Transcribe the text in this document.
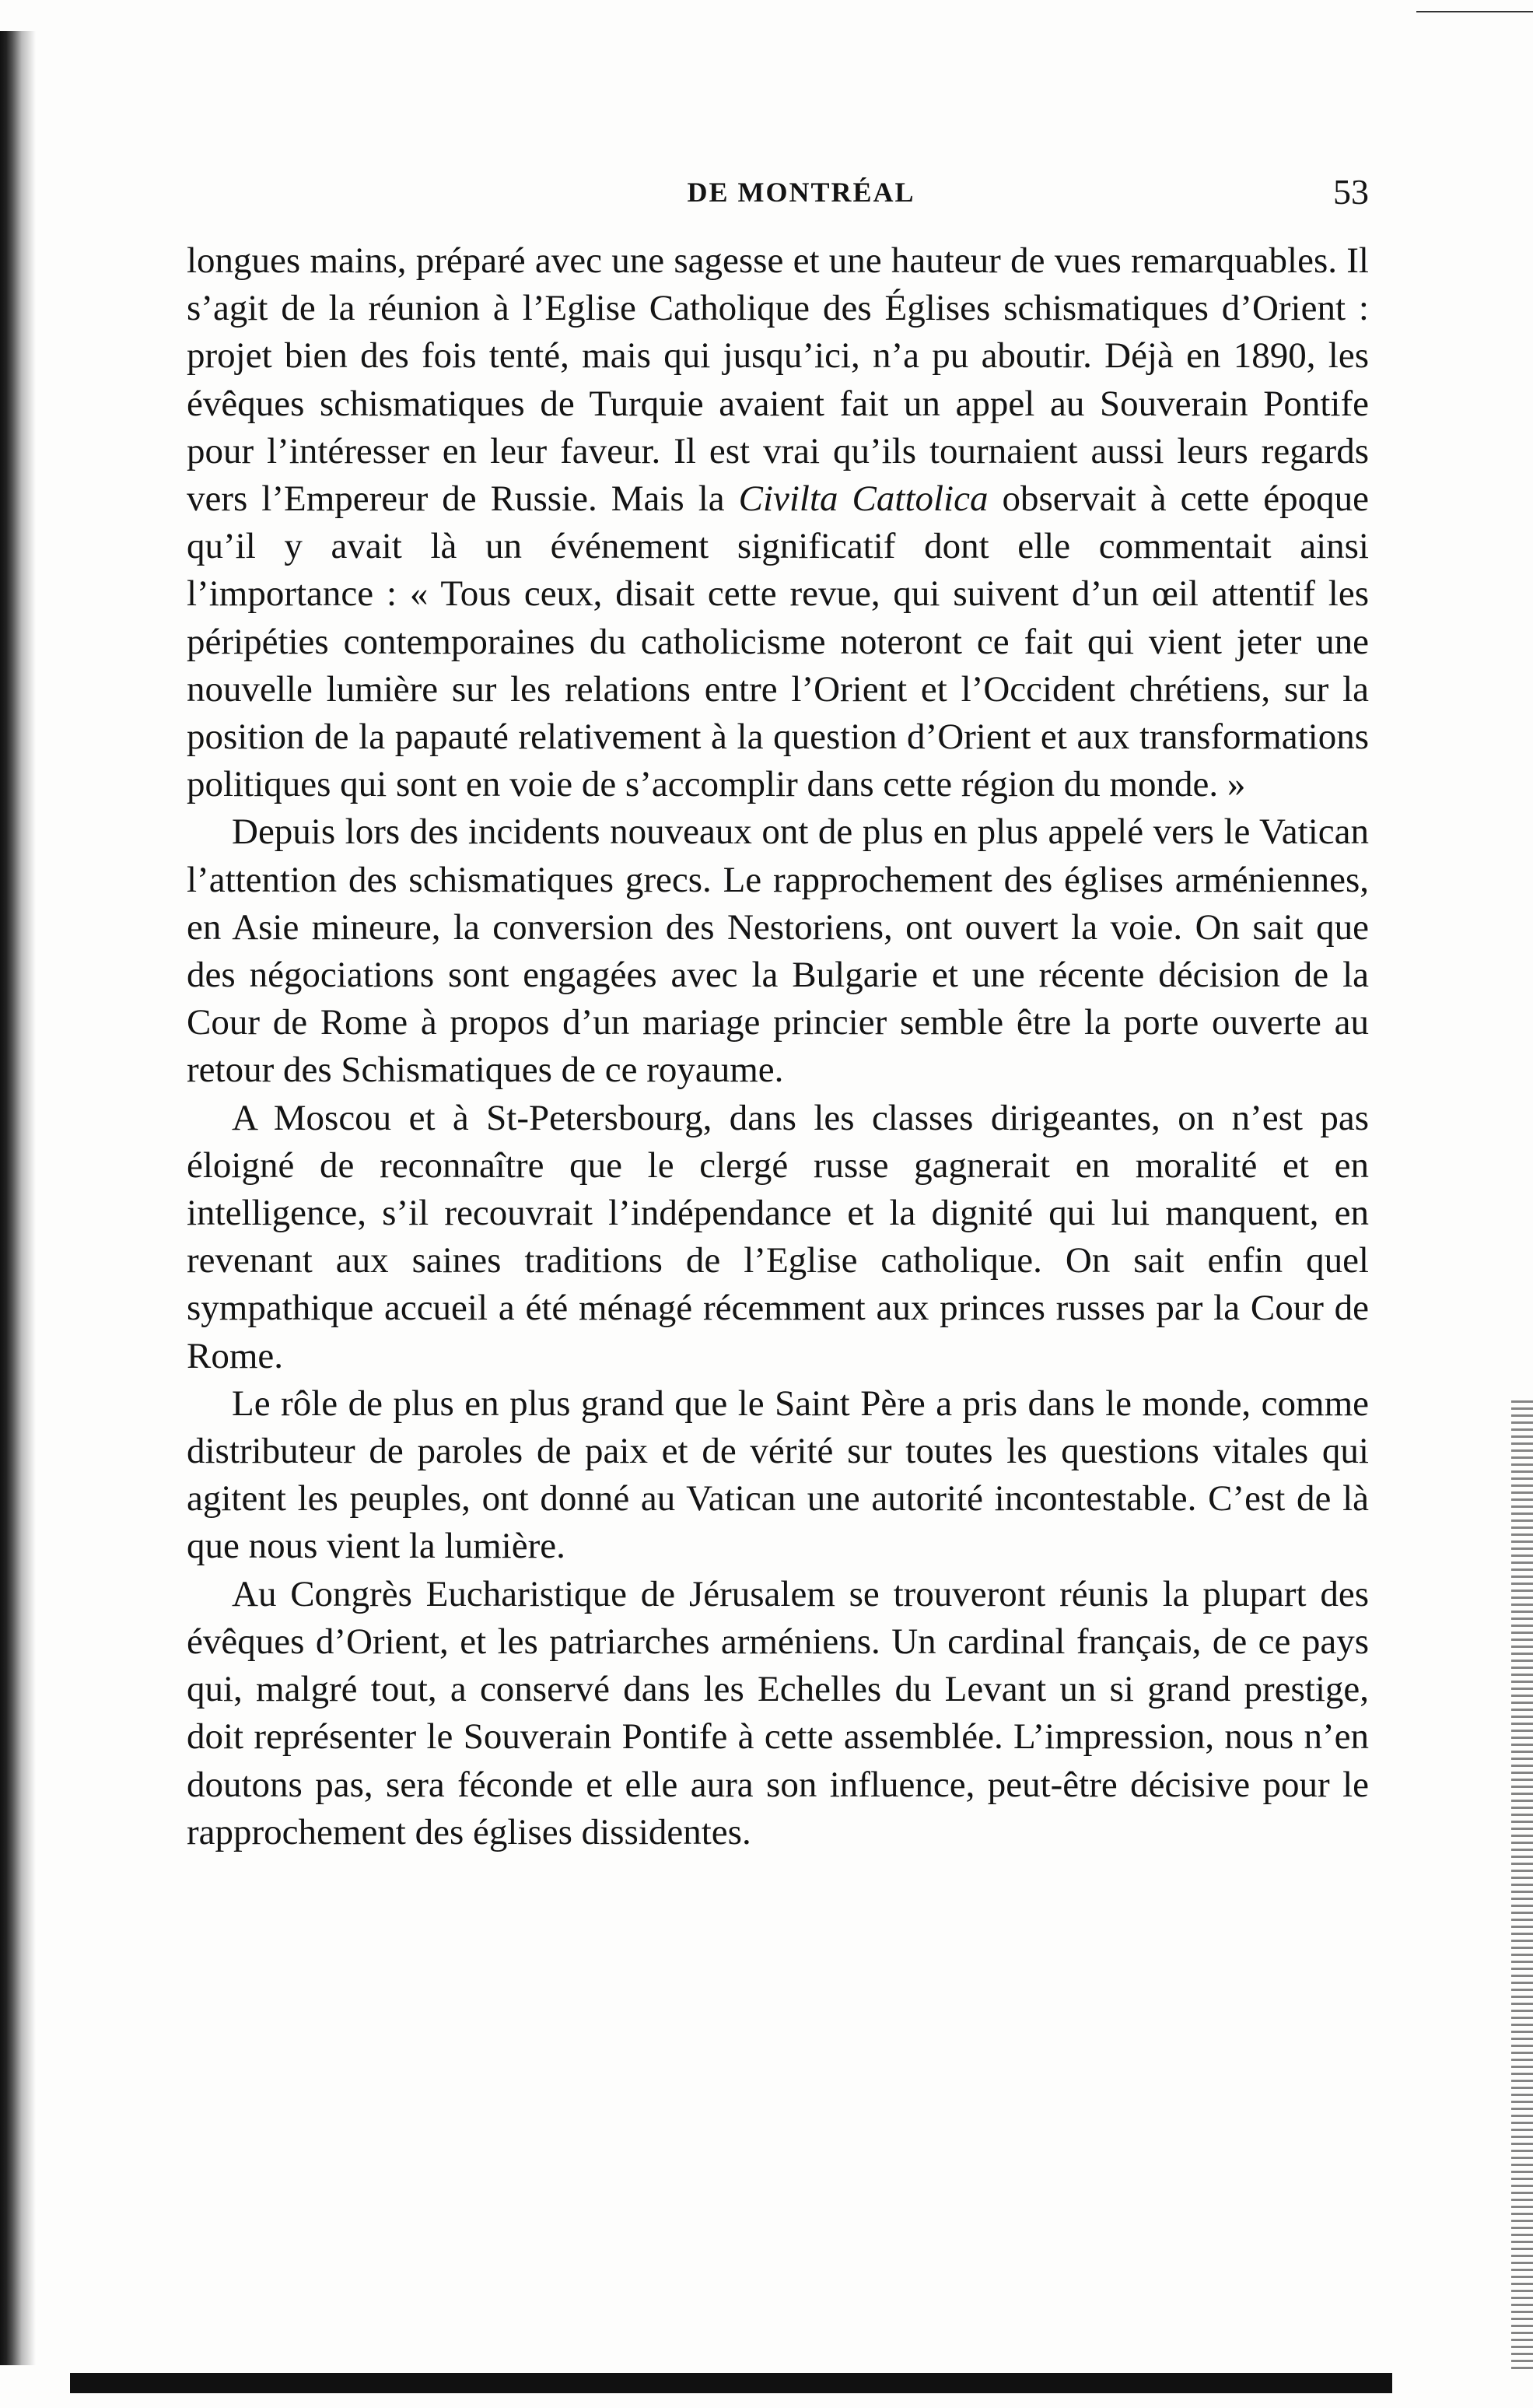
DE MONTRÉAL	53

longues mains, préparé avec une sagesse et une hauteur de vues remarquables. Il s’agit de la réunion à l’Eglise Catholique des Églises schismatiques d’Orient : projet bien des fois tenté, mais qui jusqu’ici, n’a pu aboutir. Déjà en 1890, les évêques schismatiques de Turquie avaient fait un appel au Souverain Pontife pour l’intéresser en leur faveur. Il est vrai qu’ils tournaient aussi leurs regards vers l’Empereur de Russie. Mais la Civilta Cattolica observait à cette époque qu’il y avait là un événement significatif dont elle commentait ainsi l’importance : « Tous ceux, disait cette revue, qui suivent d’un œil attentif les péripéties contemporaines du catholicisme noteront ce fait qui vient jeter une nouvelle lumière sur les relations entre l’Orient et l’Occident chrétiens, sur la position de la papauté relativement à la question d’Orient et aux transformations politiques qui sont en voie de s’accomplir dans cette région du monde. »

Depuis lors des incidents nouveaux ont de plus en plus appelé vers le Vatican l’attention des schismatiques grecs. Le rapprochement des églises arméniennes, en Asie mineure, la conversion des Nestoriens, ont ouvert la voie. On sait que des négociations sont engagées avec la Bulgarie et une récente décision de la Cour de Rome à propos d’un mariage princier semble être la porte ouverte au retour des Schismatiques de ce royaume.

A Moscou et à St-Petersbourg, dans les classes dirigeantes, on n’est pas éloigné de reconnaître que le clergé russe gagnerait en moralité et en intelligence, s’il recouvrait l’indépendance et la dignité qui lui manquent, en revenant aux saines traditions de l’Eglise catholique. On sait enfin quel sympathique accueil a été ménagé récemment aux princes russes par la Cour de Rome.

Le rôle de plus en plus grand que le Saint Père a pris dans le monde, comme distributeur de paroles de paix et de vérité sur toutes les questions vitales qui agitent les peuples, ont donné au Vatican une autorité incontestable. C’est de là que nous vient la lumière.

Au Congrès Eucharistique de Jérusalem se trouveront réunis la plupart des évêques d’Orient, et les patriarches arméniens. Un cardinal français, de ce pays qui, malgré tout, a conservé dans les Echelles du Levant un si grand prestige, doit représenter le Souverain Pontife à cette assemblée. L’impression, nous n’en doutons pas, sera féconde et elle aura son influence, peut-être décisive pour le rapprochement des églises dissidentes.
